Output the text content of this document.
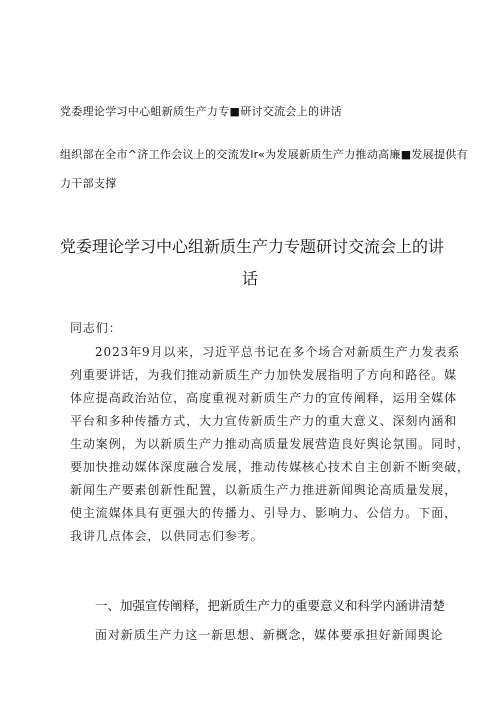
党委理论学习中心蛆新质生产力专■研讨交流会上的讲话
组织部在全市^济工作会议上的交流发lr«为发展新质生产力推动高廉■发展提供有
力干部支撑
党委理论学习中心组新质生产力专题研讨交流会上的讲
话
同志们：
2023年9月以来，习近平总书记在多个场合对新质生产力发表系
列重要讲话，为我们推动新质生产力加快发展指明了方向和路径。媒
体应提高政治站位，高度重视对新质生产力的宣传阐释，运用全媒体
平台和多种传播方式，大力宣传新质生产力的重大意义、深刻内涵和
生动案例，为以新质生产力推动高质量发展营造良好舆论氛围。同时，
要加快推动媒体深度融合发展，推动传媒核心技术自主创新不断突破，
新闻生产要素创新性配置，以新质生产力推进新闻舆论高质量发展，
使主流媒体具有更强大的传播力、引导力、影响力、公信力。下面，
我讲几点体会，以供同志们参考。
一、加强宣传阐释，把新质生产力的重要意义和科学内涵讲清楚
面对新质生产力这一新思想、新概念，媒体要承担好新闻舆论
